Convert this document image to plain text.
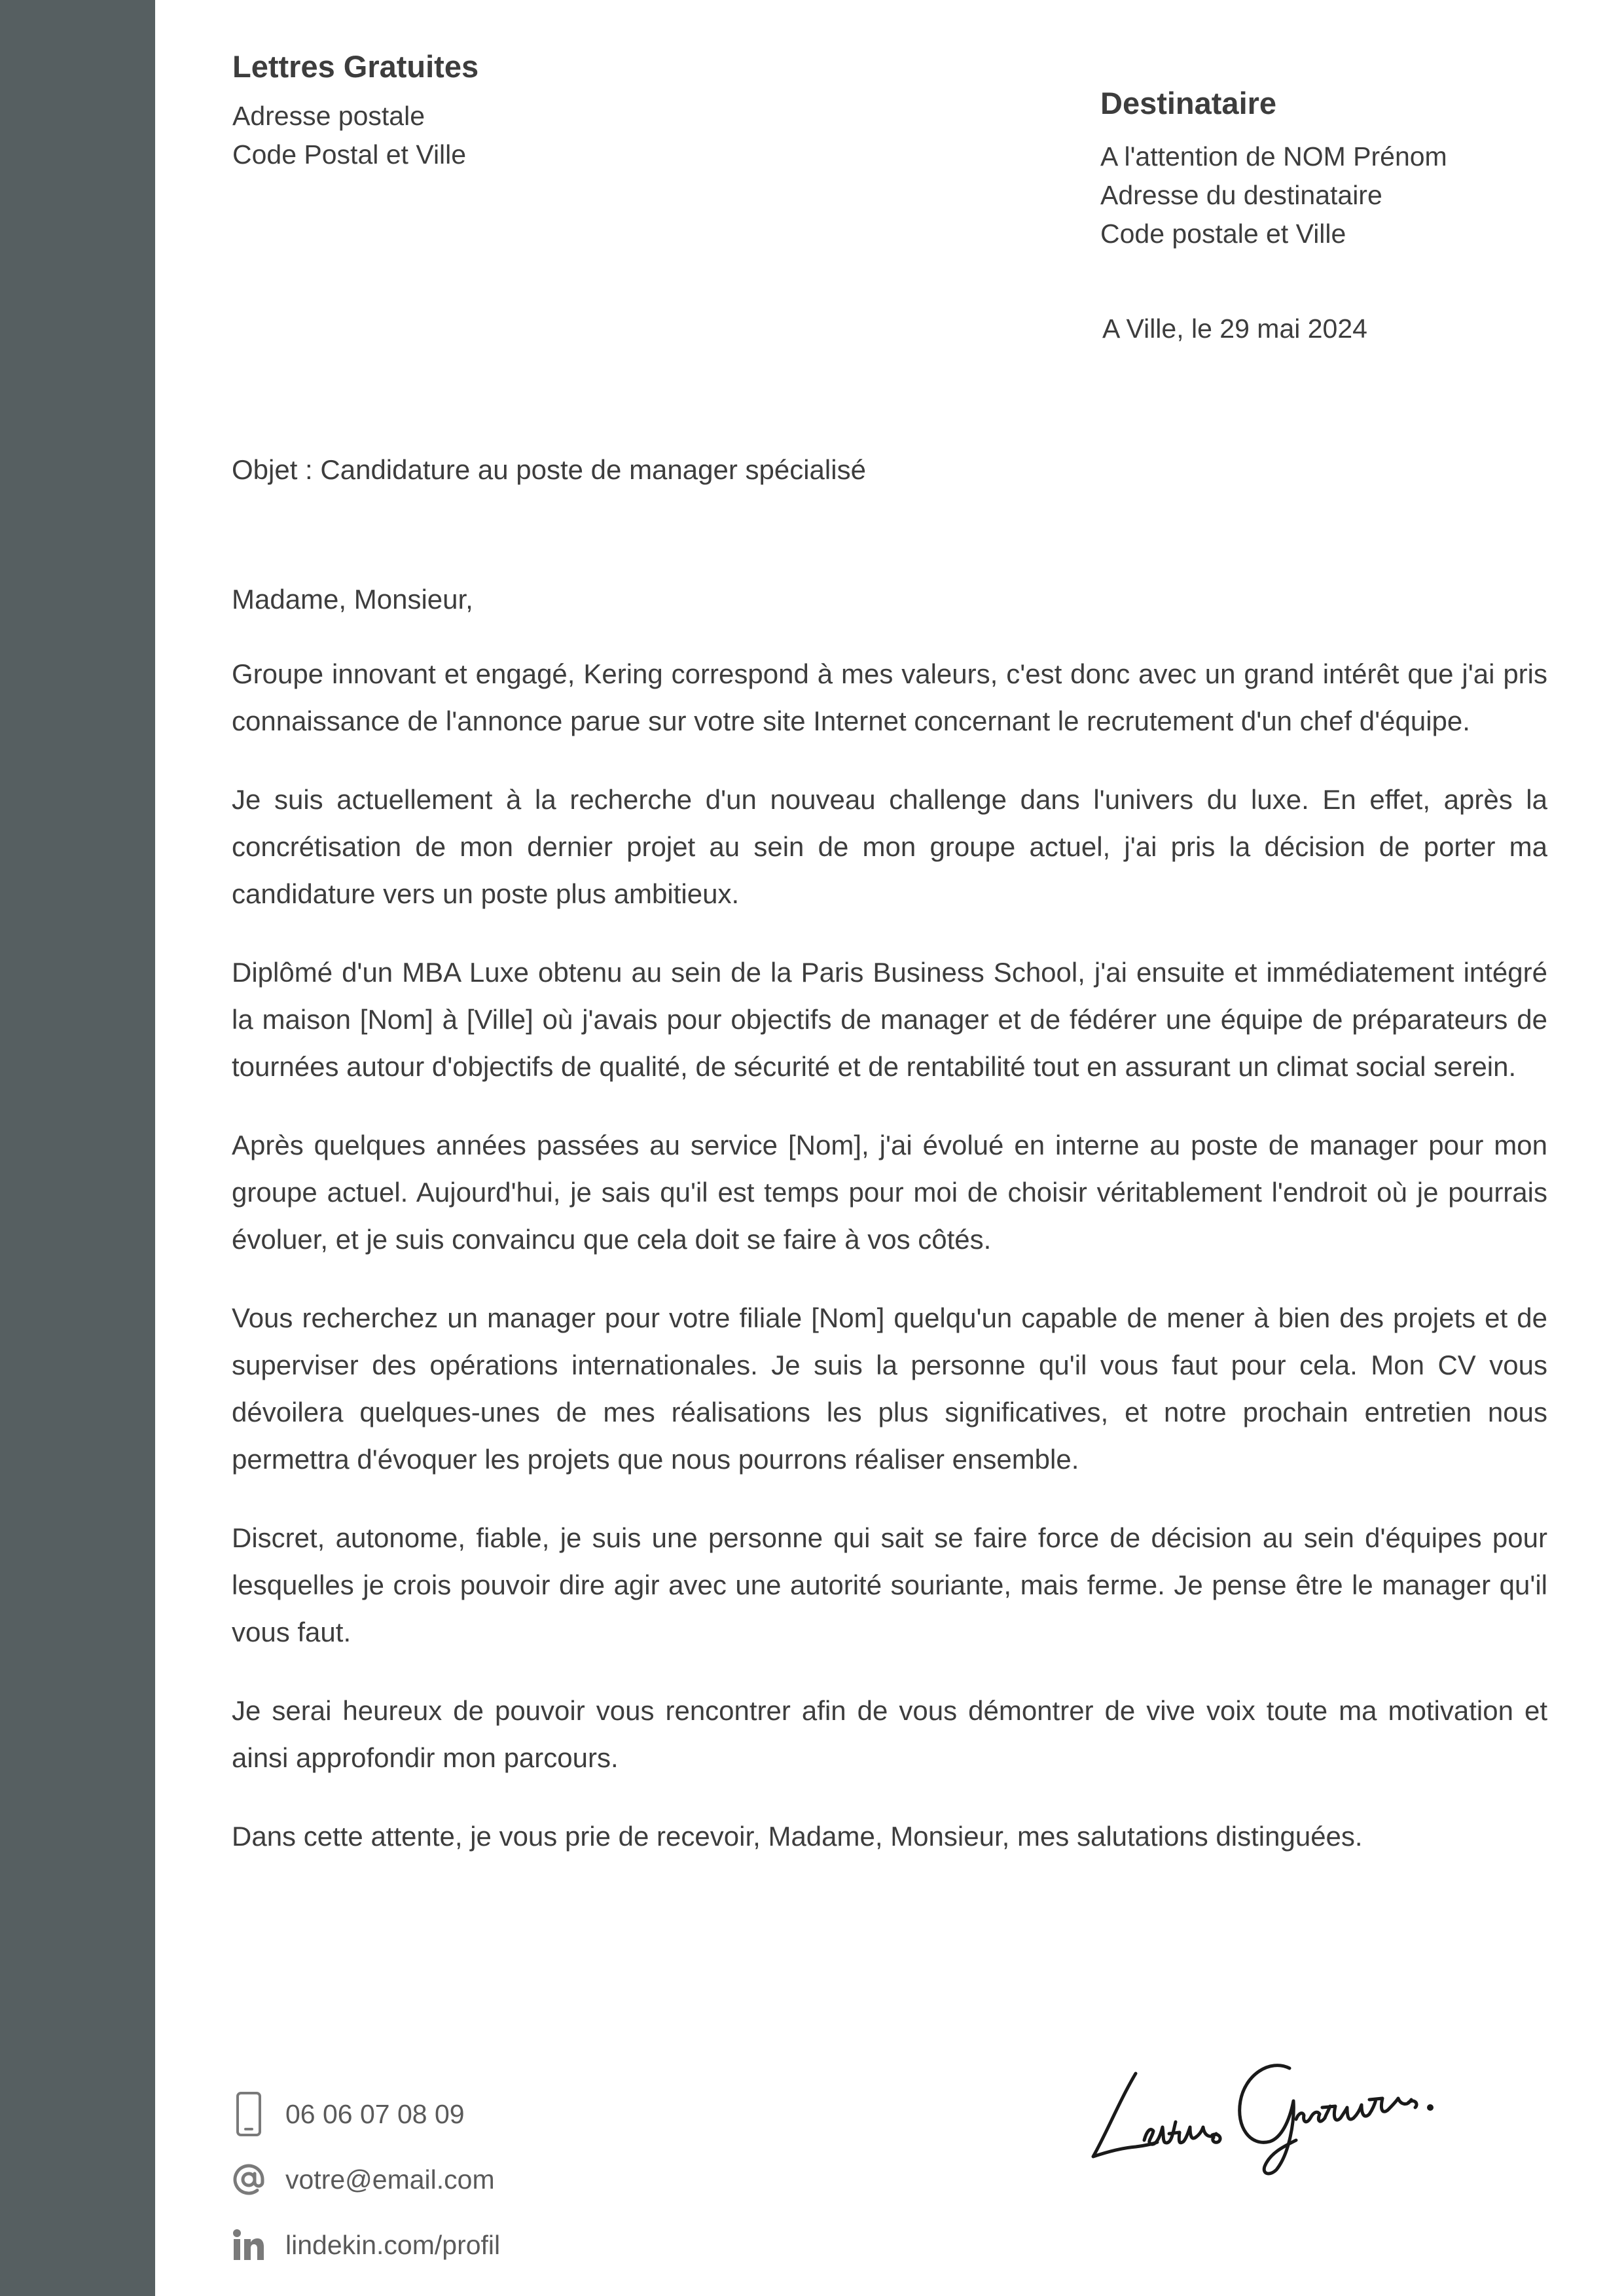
Lettres Gratuites
Adresse postale
Code Postal et Ville
Destinataire
A l'attention de NOM Prénom
Adresse du destinataire
Code postale et Ville
A Ville, le 29 mai 2024
Objet : Candidature au poste de manager spécialisé

Madame, Monsieur,

Groupe innovant et engagé, Kering correspond à mes valeurs, c'est donc avec un grand intérêt que j'ai pris connaissance de l'annonce parue sur votre site Internet concernant le recrutement d'un chef d'équipe.

Je suis actuellement à la recherche d'un nouveau challenge dans l'univers du luxe. En effet, après la concrétisation de mon dernier projet au sein de mon groupe actuel, j'ai pris la décision de porter ma candidature vers un poste plus ambitieux.

Diplômé d'un MBA Luxe obtenu au sein de la Paris Business School, j'ai ensuite et immédiatement intégré la maison [Nom] à [Ville] où j'avais pour objectifs de manager et de fédérer une équipe de préparateurs de tournées autour d'objectifs de qualité, de sécurité et de rentabilité tout en assurant un climat social serein.

Après quelques années passées au service [Nom], j'ai évolué en interne au poste de manager pour mon groupe actuel. Aujourd'hui, je sais qu'il est temps pour moi de choisir véritablement l'endroit où je pourrais évoluer, et je suis convaincu que cela doit se faire à vos côtés.

Vous recherchez un manager pour votre filiale [Nom] quelqu'un capable de mener à bien des projets et de superviser des opérations internationales. Je suis la personne qu'il vous faut pour cela. Mon CV vous dévoilera quelques-unes de mes réalisations les plus significatives, et notre prochain entretien nous permettra d'évoquer les projets que nous pourrons réaliser ensemble.

Discret, autonome, fiable, je suis une personne qui sait se faire force de décision au sein d'équipes pour lesquelles je crois pouvoir dire agir avec une autorité souriante, mais ferme. Je pense être le manager qu'il vous faut.

Je serai heureux de pouvoir vous rencontrer afin de vous démontrer de vive voix toute ma motivation et ainsi approfondir mon parcours.

Dans cette attente, je vous prie de recevoir, Madame, Monsieur, mes salutations distinguées.

06 06 07 08 09
votre@email.com
lindekin.com/profil
